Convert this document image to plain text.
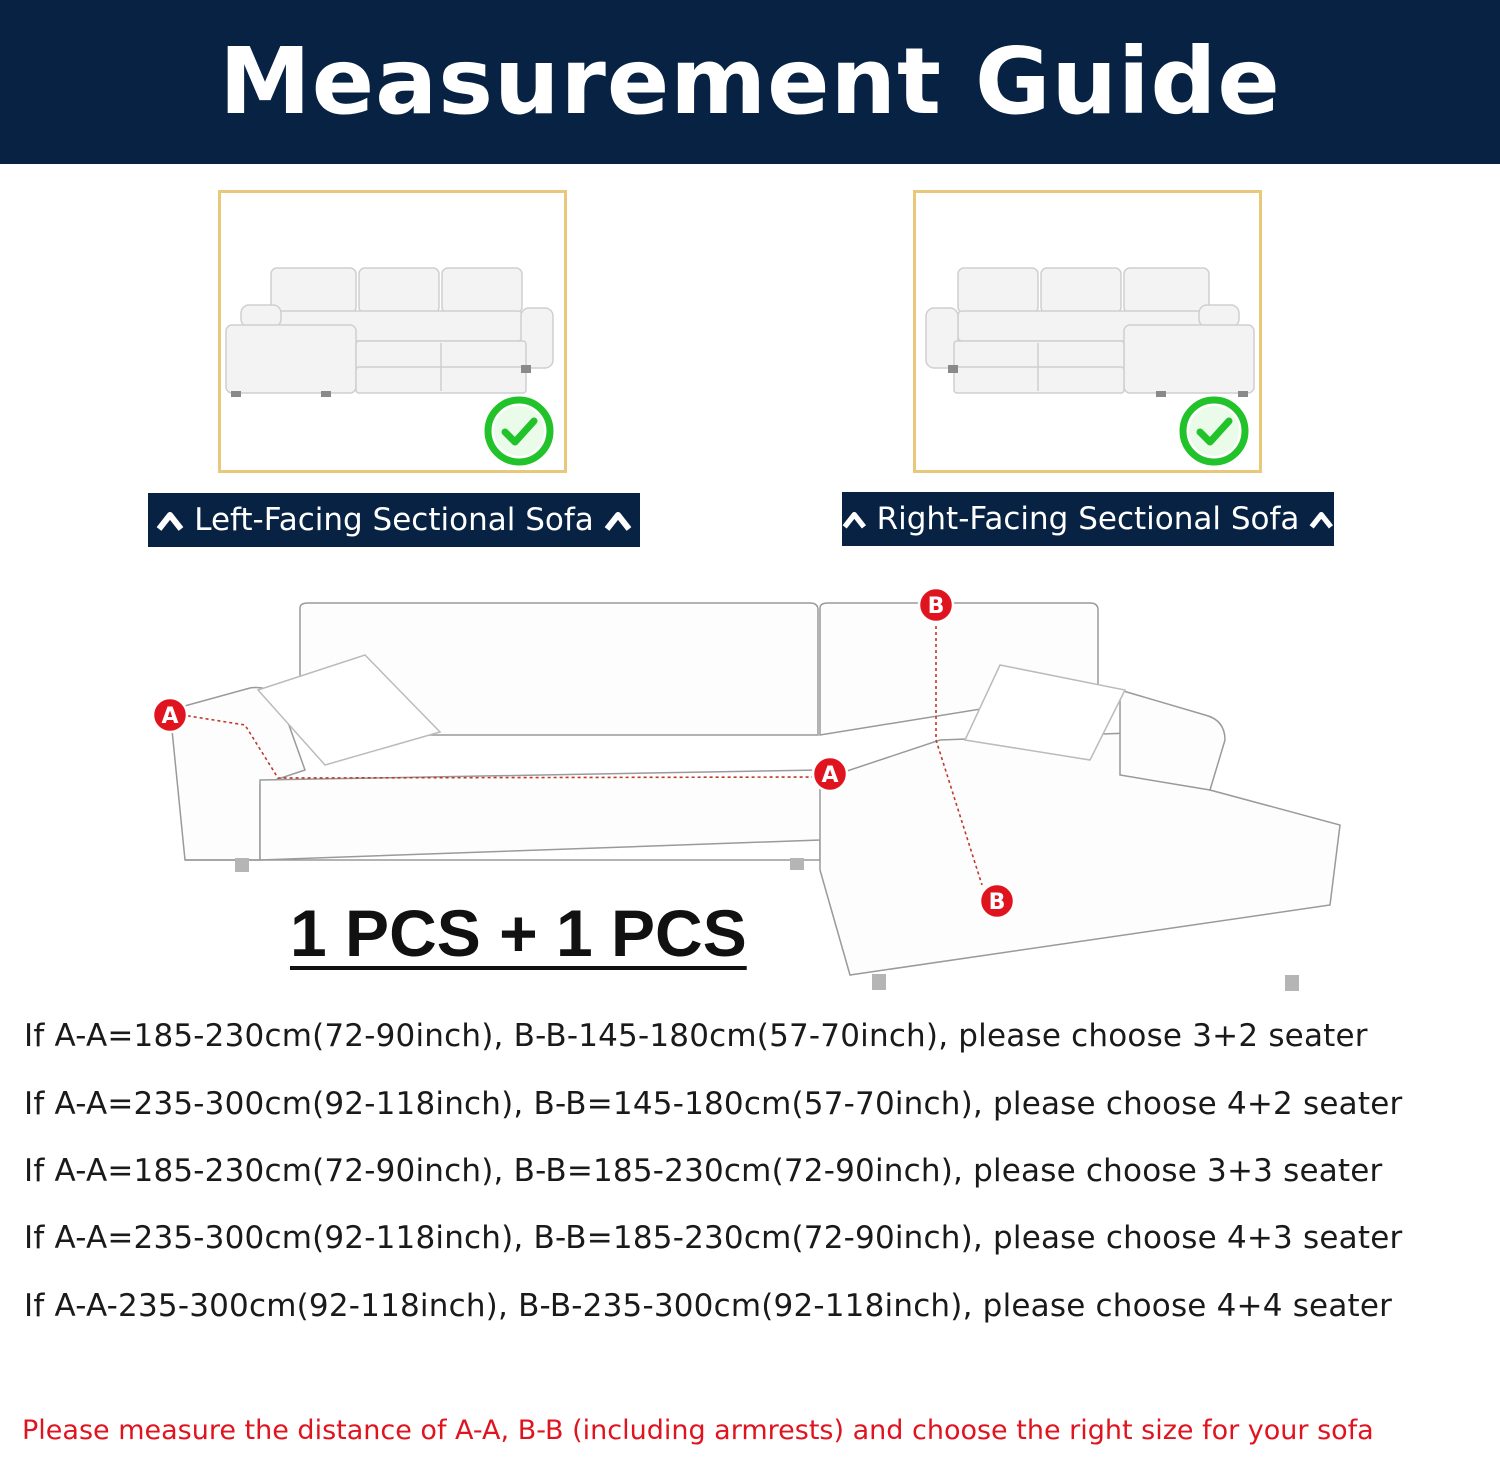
Measurement Guide
Left-Facing Sectional Sofa	Right-Facing Sectional Sofa
A
A
B
B
1 PCS + 1 PCS
If A-A=185-230cm(72-90inch), B-B-145-180cm(57-70inch), please choose 3+2 seater
If A-A=235-300cm(92-118inch), B-B=145-180cm(57-70inch), please choose 4+2 seater
If A-A=185-230cm(72-90inch), B-B=185-230cm(72-90inch), please choose 3+3 seater
If A-A=235-300cm(92-118inch), B-B=185-230cm(72-90inch), please choose 4+3 seater
If A-A-235-300cm(92-118inch), B-B-235-300cm(92-118inch), please choose 4+4 seater
Please measure the distance of A-A, B-B (including armrests) and choose the right size for your sofa
